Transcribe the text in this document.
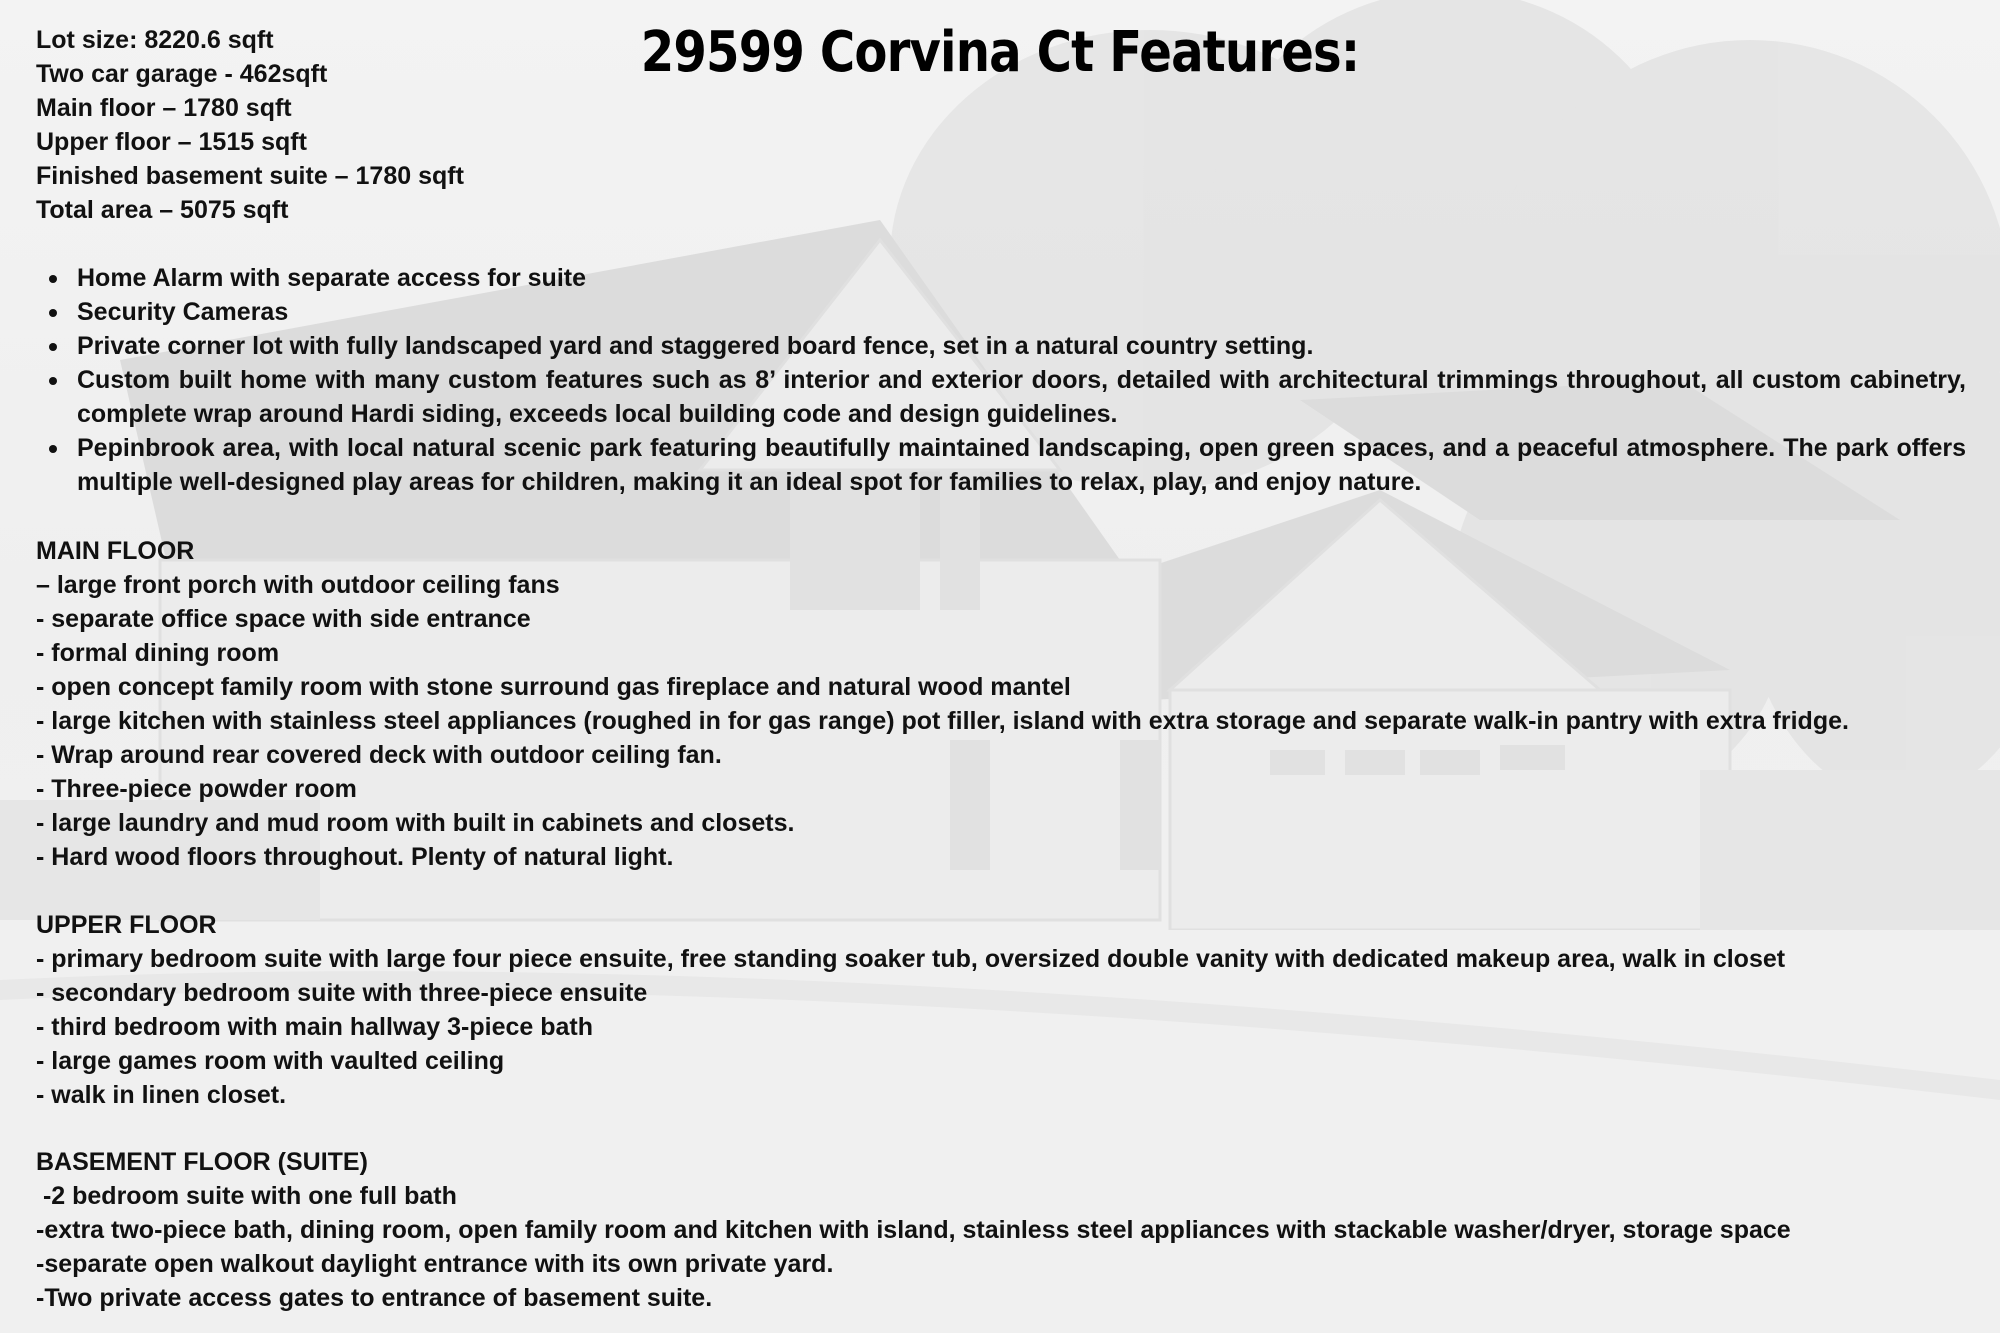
29599 Corvina Ct Features:
Lot size: 8220.6 sqft
Two car garage - 462sqft
Main floor – 1780 sqft
Upper floor – 1515 sqft
Finished basement suite – 1780 sqft
Total area – 5075 sqft
Home Alarm with separate access for suite
Security Cameras
Private corner lot with fully landscaped yard and staggered board fence, set in a natural country setting.
Custom built home with many custom features such as 8’ interior and exterior doors, detailed with architectural trimmings throughout, all custom cabinetry, complete wrap around Hardi siding, exceeds local building code and design guidelines.
Pepinbrook area, with local natural scenic park featuring beautifully maintained landscaping, open green spaces, and a peaceful atmosphere. The park offers multiple well-designed play areas for children, making it an ideal spot for families to relax, play, and enjoy nature.
MAIN FLOOR
– large front porch with outdoor ceiling fans
- separate office space with side entrance
- formal dining room
- open concept family room with stone surround gas fireplace and natural wood mantel
- large kitchen with stainless steel appliances (roughed in for gas range) pot filler, island with extra storage and separate walk-in pantry with extra fridge.
- Wrap around rear covered deck with outdoor ceiling fan.
- Three-piece powder room
- large laundry and mud room with built in cabinets and closets.
- Hard wood floors throughout. Plenty of natural light.
UPPER FLOOR
- primary bedroom suite with large four piece ensuite, free standing soaker tub, oversized double vanity with dedicated makeup area, walk in closet
- secondary bedroom suite with three-piece ensuite
- third bedroom with main hallway 3-piece bath
- large games room with vaulted ceiling
- walk in linen closet.
BASEMENT FLOOR (SUITE)
-2 bedroom suite with one full bath
-extra two-piece bath, dining room, open family room and kitchen with island, stainless steel appliances with stackable washer/dryer, storage space
-separate open walkout daylight entrance with its own private yard.
-Two private access gates to entrance of basement suite.
